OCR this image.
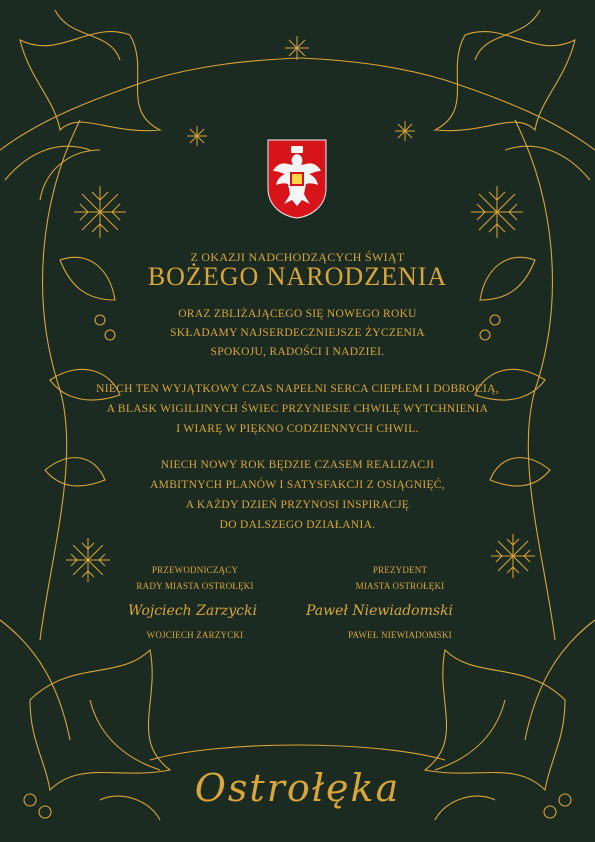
Z OKAZJI NADCHODZĄCYCH ŚWIĄT
BOŻEGO NARODZENIA
ORAZ ZBLIŻAJĄCEGO SIĘ NOWEGO ROKU
SKŁADAMY NAJSERDECZNIEJSZE ŻYCZENIA
SPOKOJU, RADOŚCI I NADZIEI.
NIECH TEN WYJĄTKOWY CZAS NAPEŁNI SERCA CIEPŁEM I DOBROCIĄ,
A BLASK WIGILIJNYCH ŚWIEC PRZYNIESIE CHWILĘ WYTCHNIENIA
I WIARĘ W PIĘKNO CODZIENNYCH CHWIL.
NIECH NOWY ROK BĘDZIE CZASEM REALIZACJI
AMBITNYCH PLANÓW I SATYSFAKCJI Z OSIĄGNIĘĆ,
A KAŻDY DZIEŃ PRZYNOSI INSPIRACJĘ
DO DALSZEGO DZIAŁANIA.
PRZEWODNICZĄCY
RADY MIASTA OSTROŁĘKI
Wojciech Zarzycki
WOJCIECH ZARZYCKI
PREZYDENT
MIASTA OSTROŁĘKI
Paweł Niewiadomski
PAWEŁ NIEWIADOMSKI
Ostrołęka
